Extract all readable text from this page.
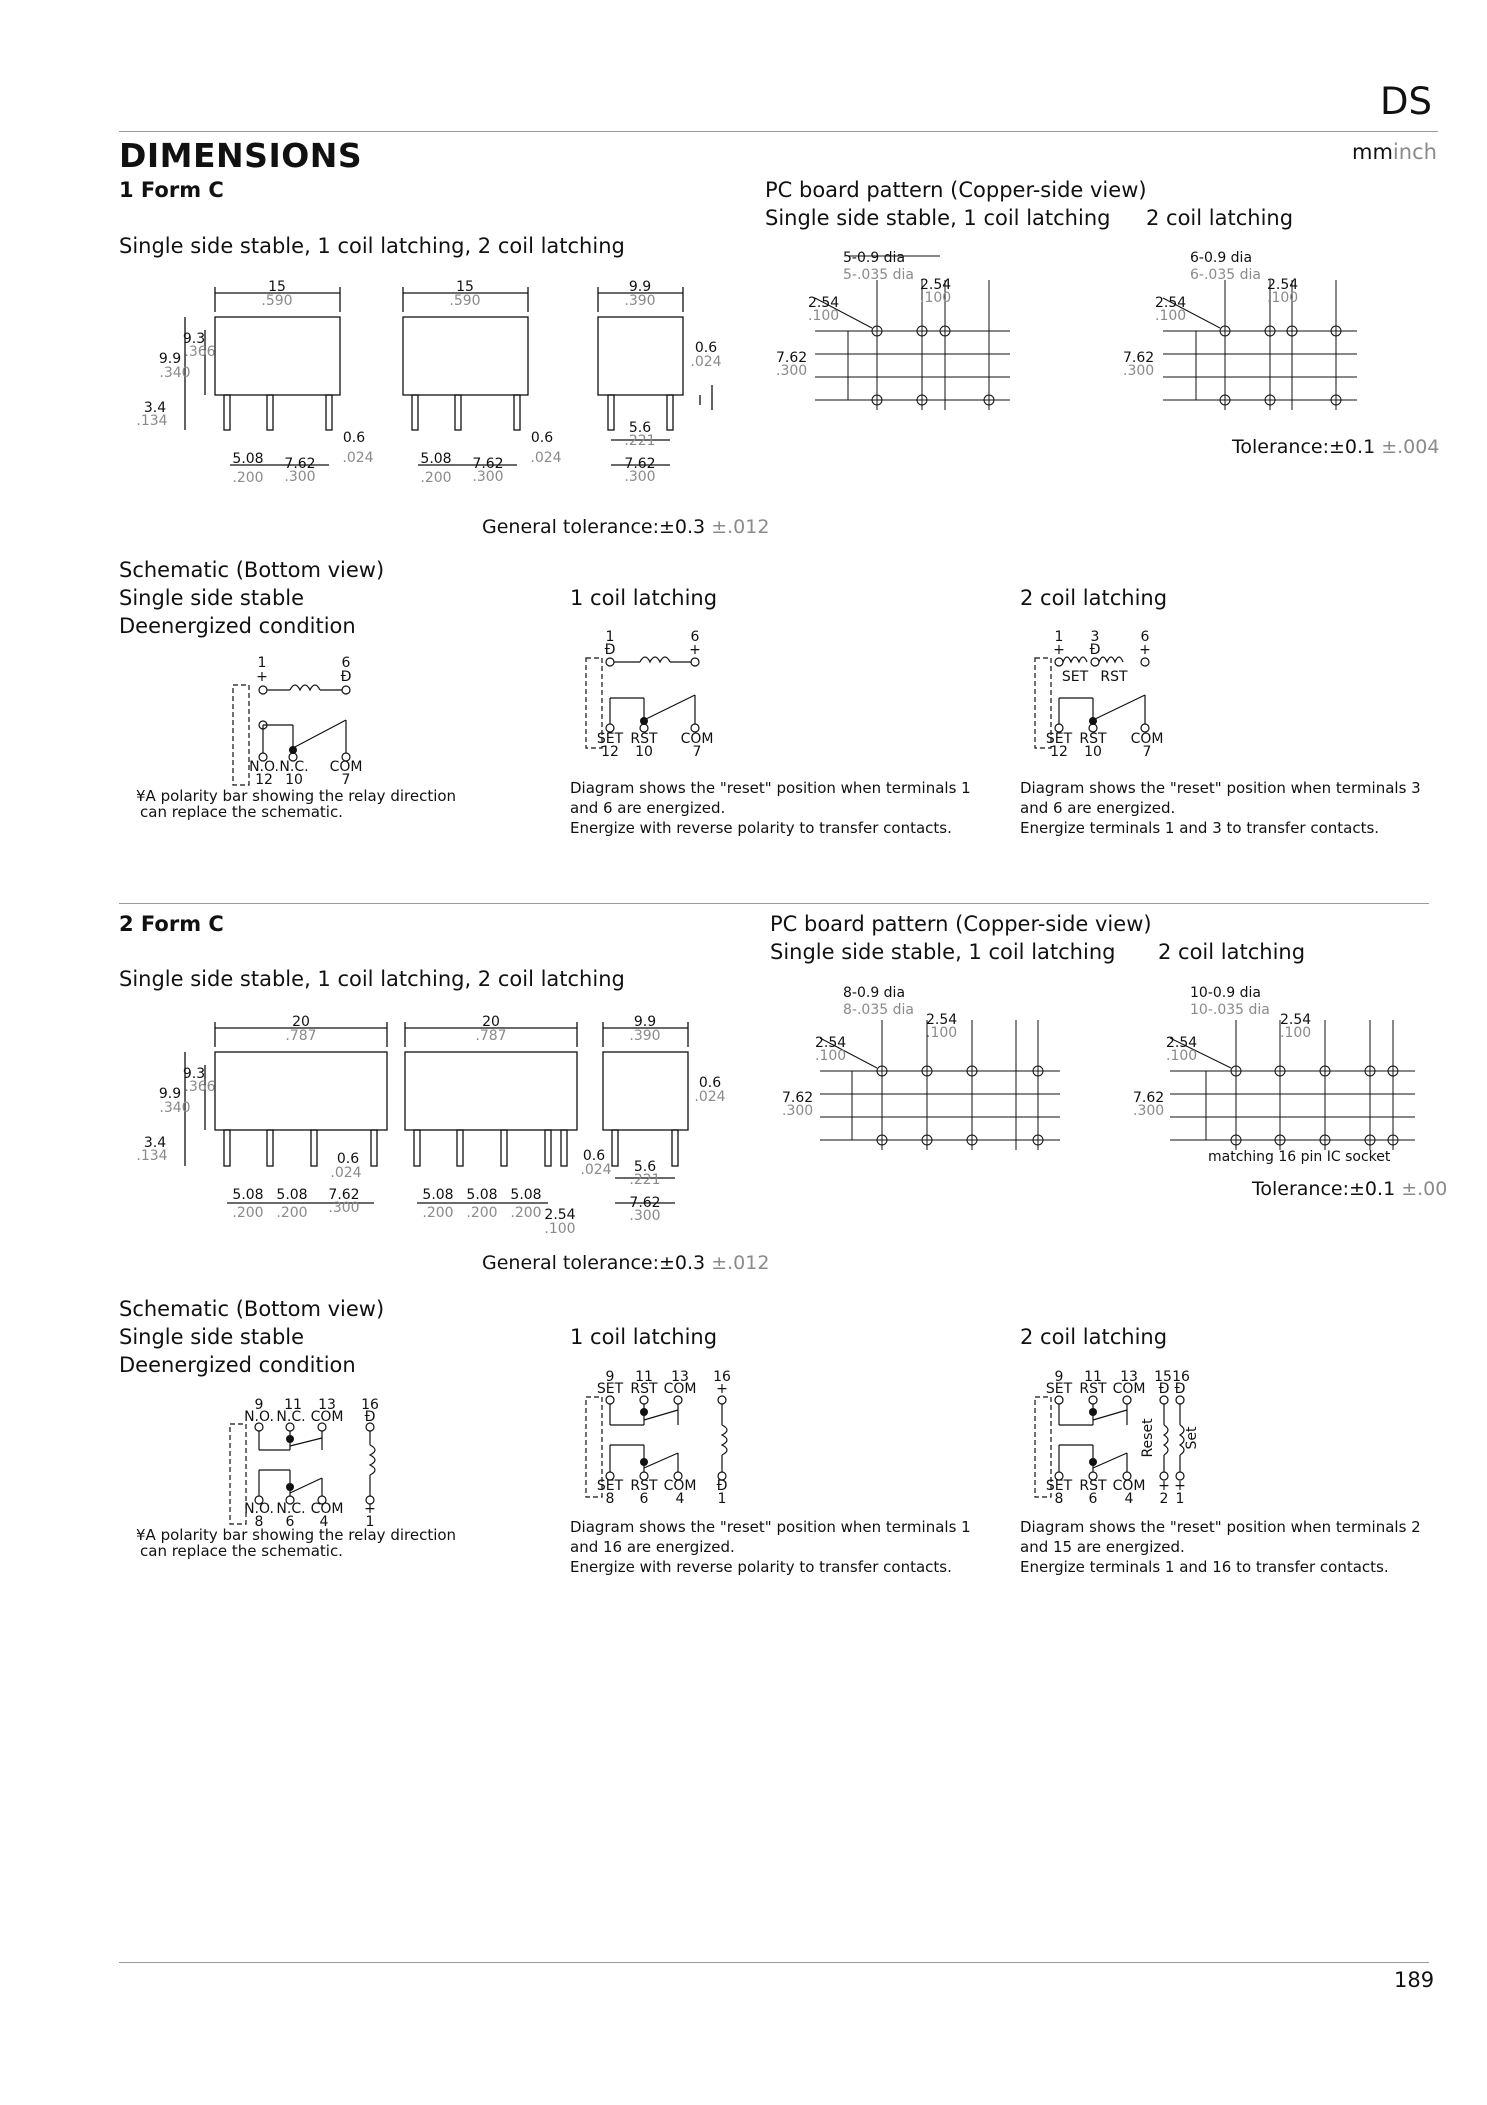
DS
DIMENSIONS	mminch
1 Form C
Single side stable, 1 coil latching, 2 coil latching
PC board pattern (Copper-side view)
Single side stable, 1 coil latching 2 coil latching
15
.590
15
.590
9.9
.390
9.3
.366
9.9
.340
3.4
.134
5.08
.200
7.62
.300
0.6
.024	5.08
.200
7.62
.300
0.6
.024
5.6
.221
7.62
.300
0.6
.024
5-0.9 dia
5-.035 dia
2.54
.100
2.54
.100
7.62
.300
6-0.9 dia
6-.035 dia
2.54
.100
2.54
.100
7.62
.300
Tolerance:±0.1 ±.004
General tolerance:±0.3 ±.012
Schematic (Bottom view)
Single side stable
Deenergized condition
1 coil latching	2 coil latching
1
+
6
Ð
N.O. N.C. COM
12 10	7
1
Ð
6
+
SET RST COM
12 10	7
1
+
3
Ð
6
+
SET RST
SET RST COM
12 10	7
¥A polarity bar showing the relay direction
can replace the schematic.
Diagram shows the "reset" position when terminals 1
and 6 are energized.
Energize with reverse polarity to transfer contacts.
Diagram shows the "reset" position when terminals 3
and 6 are energized.
Energize terminals 1 and 3 to transfer contacts.
2 Form C
Single side stable, 1 coil latching, 2 coil latching
PC board pattern (Copper-side view)
Single side stable, 1 coil latching 2 coil latching
20
.787
20
.787
9.9
.390
9.3
.366
9.9
.340
3.4
.134
5.08
.200
5.08
.200
7.62
.300
0.6
.024
5.08
.200
5.08
.200
5.08
.200 2.54
.100
0.6
.024 5.6
.221
7.62
.300
0.6
.024
8-0.9 dia
8-.035 dia
2.54
.100
2.54
.100
7.62
.300
10-0.9 dia
10-.035 dia
2.54
.100
2.54
.100
7.62
.300
matching 16 pin IC socket
Tolerance:±0.1 ±.00
General tolerance:±0.3 ±.012
Schematic (Bottom view)
Single side stable
Deenergized condition
1 coil latching	2 coil latching
9 11 13 16
N.O. N.C. COM Ð
N.O. N.C. COM +
8 6 4	1
9 11 13 16
SET RST COM +
SET RST COM Ð
8 6 4 1
9 11 13 15 16
SET RST COM Ð Ð
SET RST COM + +
8 6 4 2 1
Reset Set
¥A polarity bar showing the relay direction
can replace the schematic.
Diagram shows the "reset" position when terminals 1
and 16 are energized.
Energize with reverse polarity to transfer contacts.
Diagram shows the "reset" position when terminals 2
and 15 are energized.
Energize terminals 1 and 16 to transfer contacts.
189
